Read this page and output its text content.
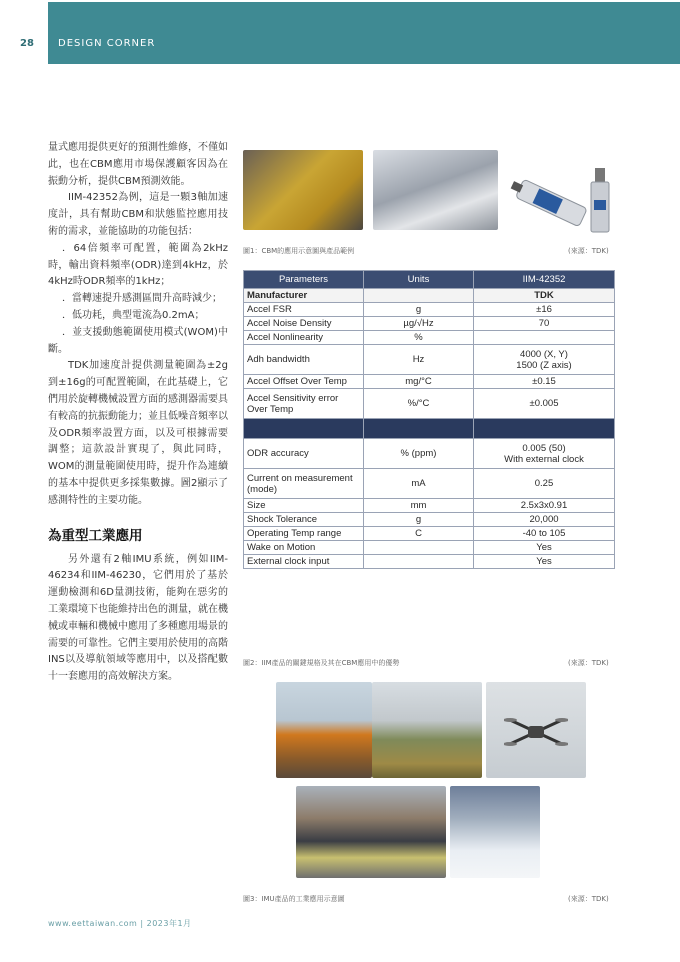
28 DESIGN CORNER

量式應用提供更好的預測性維修，不僅如此，也在CBM應用市場保護顧客因為在振動分析，提供CBM預測效能。

IIM-42352為例，這是一顆3軸加速度計，具有幫助CBM和狀態監控應用技術的需求，並能協助的功能包括：

．64倍頻率可配置，範圍為2kHz時，輸出資料頻率(ODR)達到4kHz，於4kHz時ODR頻率的1kHz；

．當轉速提升感測區間升高時減少；

．低功耗，典型電流為0.2mA；

．並支援動態範圍使用模式(WOM)中斷。

TDK加速度計提供測量範圍為±2g到±16g的可配置範圍，在此基礎上，它們用於旋轉機械設置方面的感測器需要具有較高的抗振動能力；並且低噪音頻率以及ODR頻率設置方面，以及可根據需要調整；這款設計實現了，與此同時，WOM的測量範圍使用時，提升作為連續的基本中提供更多採集數據。圖2顯示了感測特性的主要功能。

為重型工業應用

另外還有2軸IMU系統，例如IIM-46234和IIM-46230，它們用於了基於運動檢測和6D量測技術，能夠在惡劣的工業環境下也能維持出色的測量，就在機械或車輛和機械中應用了多種應用場景的需要的可靠性。它們主要用於使用的高階INS以及導航領域等應用中，以及搭配數十一套應用的高效解決方案。

圖1：CBM的應用示意圖與產品範例	(來源：TDK)
Parameters	Units	IIM-42352
Manufacturer		TDK
Accel FSR	g	±16
Accel Noise Density	µg/√Hz	70
Accel Nonlinearity	%	
Adh bandwidth	Hz	4000 (X, Y)
1500 (Z axis)
Accel Offset Over Temp	mg/°C	±0.15
Accel Sensitivity error Over Temp	%/°C	±0.005

ODR accuracy	% (ppm)	0.005 (50)
With external clock
Current on measurement (mode)	mA	0.25
Size	mm	2.5x3x0.91
Shock Tolerance	g	20,000
Operating Temp range	C	-40 to 105
Wake on Motion		Yes
External clock input		Yes
圖2：IIM產品的關鍵規格及其在CBM應用中的優勢	(來源：TDK)
圖3：IMU產品的工業應用示意圖	(來源：TDK)
www.eettaiwan.com | 2023年1月
